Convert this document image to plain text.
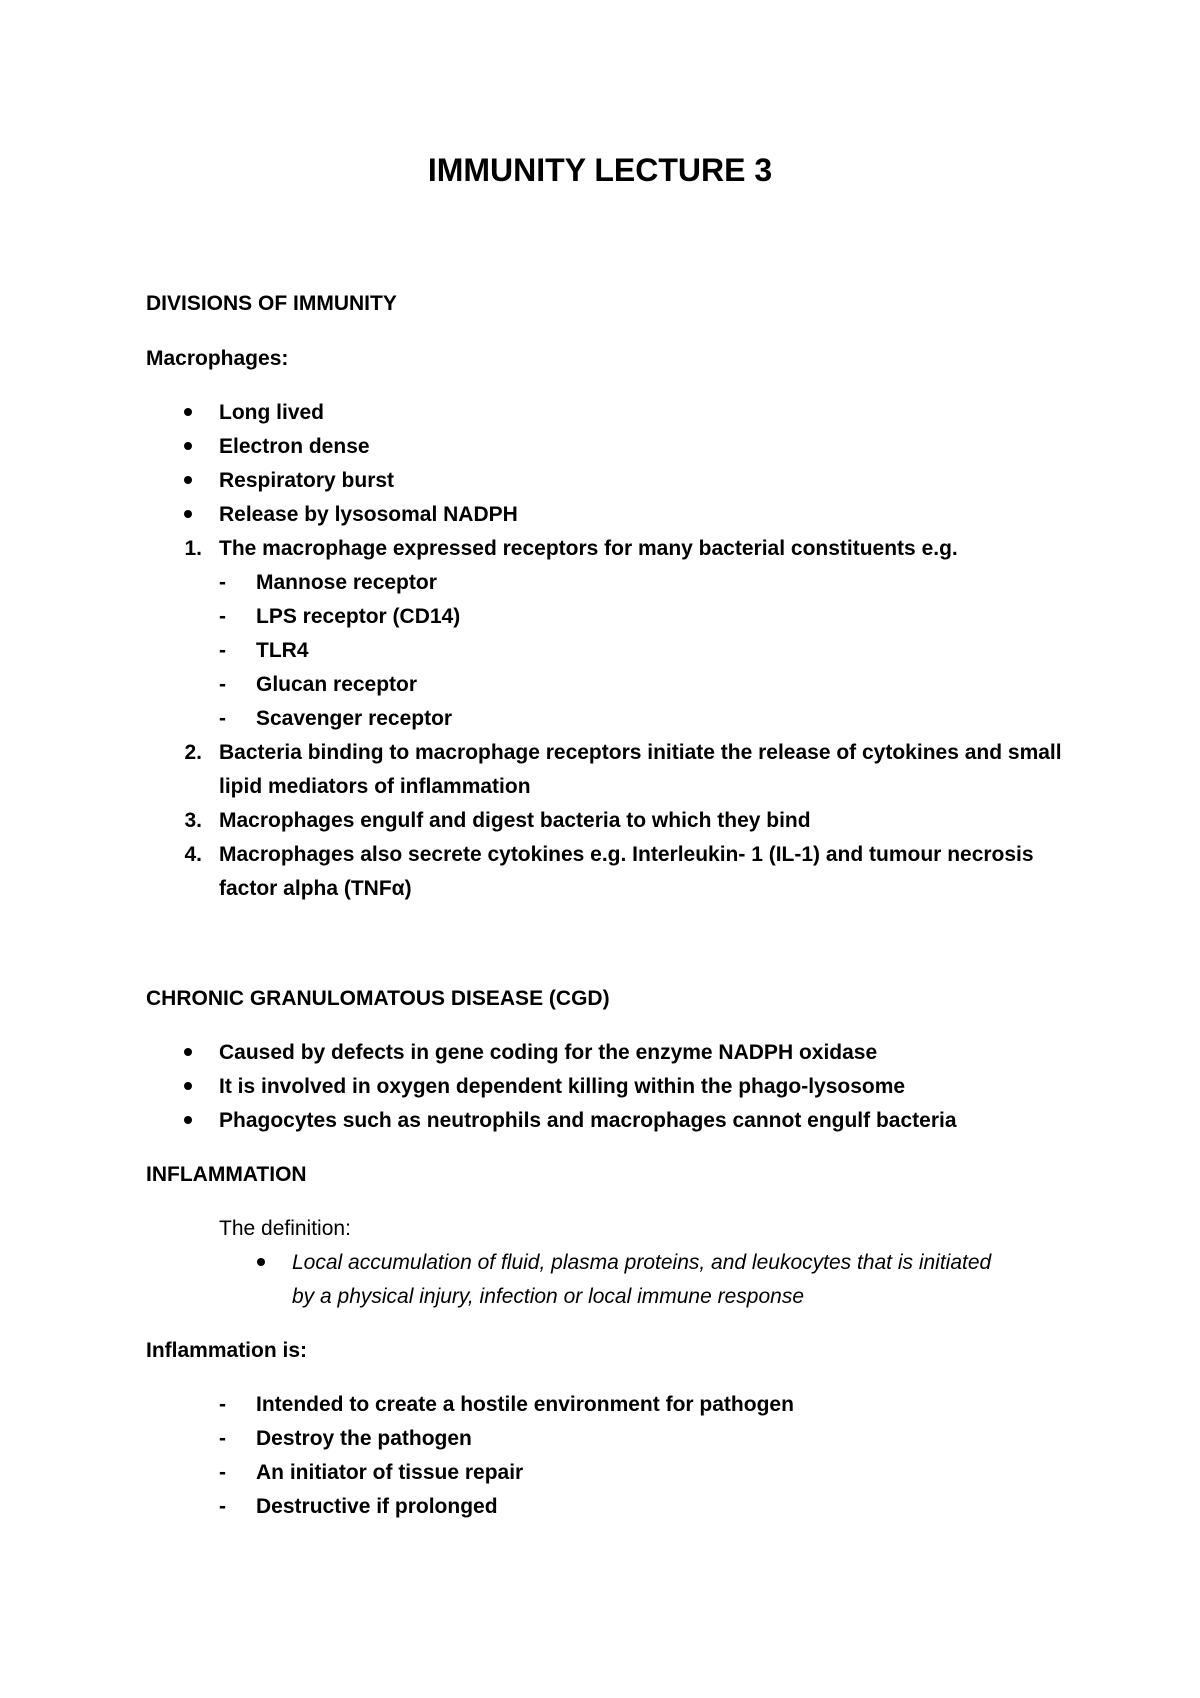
IMMUNITY LECTURE 3
DIVISIONS OF IMMUNITY
Macrophages:
Long lived
Electron dense
Respiratory burst
Release by lysosomal NADPH
1. The macrophage expressed receptors for many bacterial constituents e.g.
- Mannose receptor
- LPS receptor (CD14)
- TLR4
- Glucan receptor
- Scavenger receptor
2. Bacteria binding to macrophage receptors initiate the release of cytokines and small
lipid mediators of inflammation
3. Macrophages engulf and digest bacteria to which they bind
4. Macrophages also secrete cytokines e.g. Interleukin- 1 (IL-1) and tumour necrosis
factor alpha (TNFα)
CHRONIC GRANULOMATOUS DISEASE (CGD)
Caused by defects in gene coding for the enzyme NADPH oxidase
It is involved in oxygen dependent killing within the phago-lysosome
Phagocytes such as neutrophils and macrophages cannot engulf bacteria
INFLAMMATION
The definition:
Local accumulation of fluid, plasma proteins, and leukocytes that is initiated
by a physical injury, infection or local immune response
Inflammation is:
- Intended to create a hostile environment for pathogen
- Destroy the pathogen
- An initiator of tissue repair
- Destructive if prolonged
